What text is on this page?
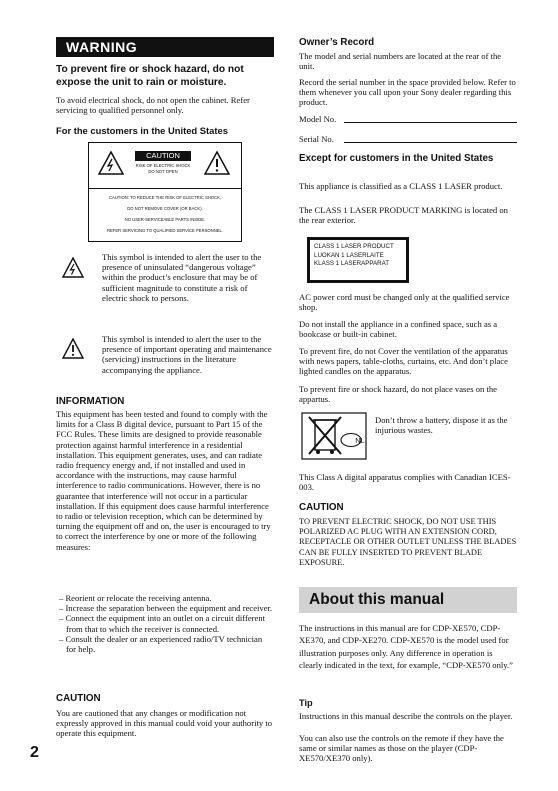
WARNING
To prevent fire or shock hazard, do not expose the unit to rain or moisture.

To avoid electrical shock, do not open the cabinet. Refer servicing to qualified personnel only.

For the customers in the United States
CAUTION
RISK OF ELECTRIC SHOCK DO NOT OPEN
CAUTION: TO REDUCE THE RISK OF ELECTRIC SHOCK,
DO NOT REMOVE COVER (OR BACK).
NO USER-SERVICEABLE PARTS INSIDE.
REFER SERVICING TO QUALIFIED SERVICE PERSONNEL.

This symbol is intended to alert the user to the presence of uninsulated “dangerous voltage” within the product’s enclosure that may be of sufficient magnitude to constitute a risk of electric shock to persons.

This symbol is intended to alert the user to the presence of important operating and maintenance (servicing) instructions in the literature accompanying the appliance.

INFORMATION

This equipment has been tested and found to comply with the limits for a Class B digital device, pursuant to Part 15 of the FCC Rules. These limits are designed to provide reasonable protection against harmful interference in a residential installation. This equipment generates, uses, and can radiate radio frequency energy and, if not installed and used in accordance with the instructions, may cause harmful interference to radio communications. However, there is no guarantee that interference will not occur in a particular installation. If this equipment does cause harmful interference to radio or television reception, which can be determined by turning the equipment off and on, the user is encouraged to try to correct the interference by one or more of the following measures:

– Reorient or relocate the receiving antenna.
– Increase the separation between the equipment and receiver.
– Connect the equipment into an outlet on a circuit different from that to which the receiver is connected.
– Consult the dealer or an experienced radio/TV technician for help.
CAUTION

You are cautioned that any changes or modification not expressly approved in this manual could void your authority to operate this equipment.

2
Owner’s Record

The model and serial numbers are located at the rear of the unit.

Record the serial number in the space provided below. Refer to them whenever you call upon your Sony dealer regarding this product.

Model No.
Serial No.
Except for customers in the United States

This appliance is classified as a CLASS 1 LASER product.

The CLASS 1 LASER PRODUCT MARKING is located on the rear exterior.

CLASS 1 LASER PRODUCT
LUOKAN 1 LASERLAITE
KLASS 1 LASERAPPARAT

AC power cord must be changed only at the qualified service shop.

Do not install the appliance in a confined space, such as a bookcase or built-in cabinet.

To prevent fire, do not Cover the ventilation of the apparatus with news papers, table-cloths, curtains, etc. And don’t place lighted candles on the apparatus.

To prevent fire or shock hazard, do not place vases on the appartus.

NL

Don’t throw a battery, dispose it as the injurious wastes.

This Class A digital apparatus complies with Canadian ICES-003.

CAUTION

TO PREVENT ELECTRIC SHOCK, DO NOT USE THIS POLARIZED AC PLUG WITH AN EXTENSION CORD, RECEPTACLE OR OTHER OUTLET UNLESS THE BLADES CAN BE FULLY INSERTED TO PREVENT BLADE EXPOSURE.

About this manual

The instructions in this manual are for CDP-XE570, CDP-XE370, and CDP-XE270. CDP-XE570 is the model used for illustration purposes only. Any difference in operation is clearly indicated in the text, for example, “CDP-XE570 only.”

Tip

Instructions in this manual describe the controls on the player.

You can also use the controls on the remote if they have the same or similar names as those on the player (CDP-XE570/XE370 only).
